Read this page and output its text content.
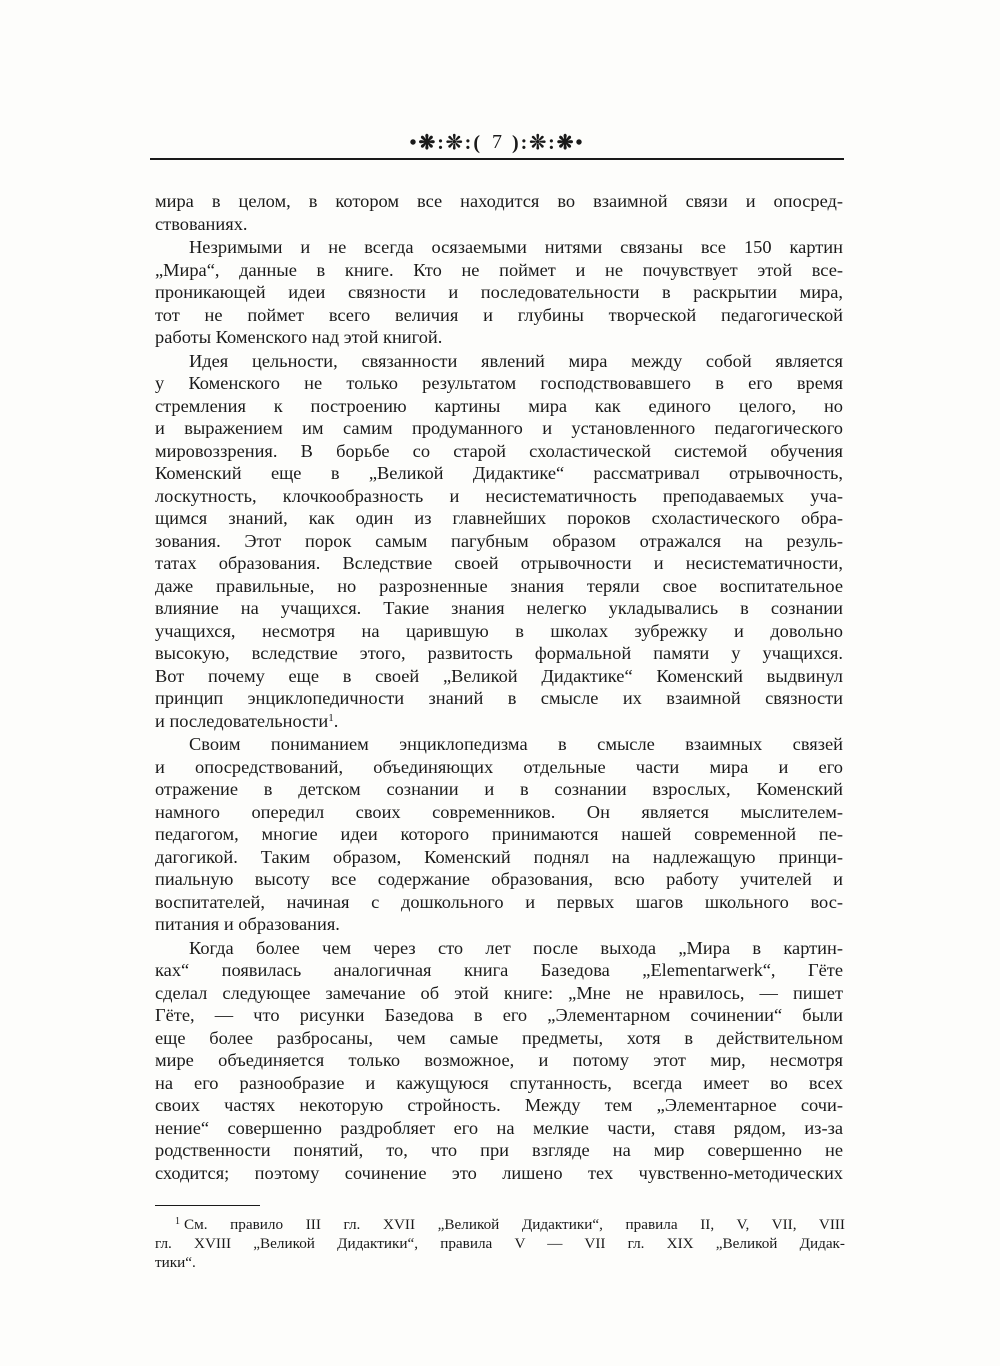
•❋:❊:( 7 ):❊:❋•
мира в целом, в котором все находится во взаимной связи и опосред-
ствованиях.
Незримыми и не всегда осязаемыми нитями связаны все 150 картин
„Мира“, данные в книге. Кто не поймет и не почувствует этой все-
проникающей идеи связности и последовательности в раскрытии мира,
тот не поймет всего величия и глубины творческой педагогической
работы Коменского над этой книгой.
Идея цельности, связанности явлений мира между собой является
у Коменского не только результатом господствовавшего в его время
стремления к построению картины мира как единого целого, но
и выражением им самим продуманного и установленного педагогического
мировоззрения. В борьбе со старой схоластической системой обучения
Коменский еще в „Великой Дидактике“ рассматривал отрывочность,
лоскутность, клочкообразность и несистематичность преподаваемых уча-
щимся знаний, как один из главнейших пороков схоластического обра-
зования. Этот порок самым пагубным образом отражался на резуль-
татах образования. Вследствие своей отрывочности и несистематичности,
даже правильные, но разрозненные знания теряли свое воспитательное
влияние на учащихся. Такие знания нелегко укладывались в сознании
учащихся, несмотря на царившую в школах зубрежку и довольно
высокую, вследствие этого, развитость формальной памяти у учащихся.
Вот почему еще в своей „Великой Дидактике“ Коменский выдвинул
принцип энциклопедичности знаний в смысле их взаимной связности
и последовательности$^1$.
Своим пониманием энциклопедизма в смысле взаимных связей
и опосредствований, объединяющих отдельные части мира и его
отражение в детском сознании и в сознании взрослых, Коменский
намного опередил своих современников. Он является мыслителем-
педагогом, многие идеи которого принимаются нашей современной пе-
дагогикой. Таким образом, Коменский поднял на надлежащую принци-
пиальную высоту все содержание образования, всю работу учителей и
воспитателей, начиная с дошкольного и первых шагов школьного вос-
питания и образования.
Когда более чем через сто лет после выхода „Мира в картин-
ках“ появилась аналогичная книга Базедова „Elementarwerk“, Гёте
сделал следующее замечание об этой книге: „Мне не нравилось, — пишет
Гёте, — что рисунки Базедова в его „Элементарном сочинении“ были
еще более разбросаны, чем самые предметы, хотя в действительном
мире объединяется только возможное, и потому этот мир, несмотря
на его разнообразие и кажущуюся спутанность, всегда имеет во всех
своих частях некоторую стройность. Между тем „Элементарное сочи-
нение“ совершенно раздробляет его на мелкие части, ставя рядом, из-за
родственности понятий, то, что при взгляде на мир совершенно не
сходится; поэтому сочинение это лишено тех чувственно-методических
$^1$ См. правило III гл. XVII „Великой Дидактики“, правила II, V, VII, VIII
гл. XVIII „Великой Дидактики“, правила V — VII гл. XIX „Великой Дидак-
тики“.
